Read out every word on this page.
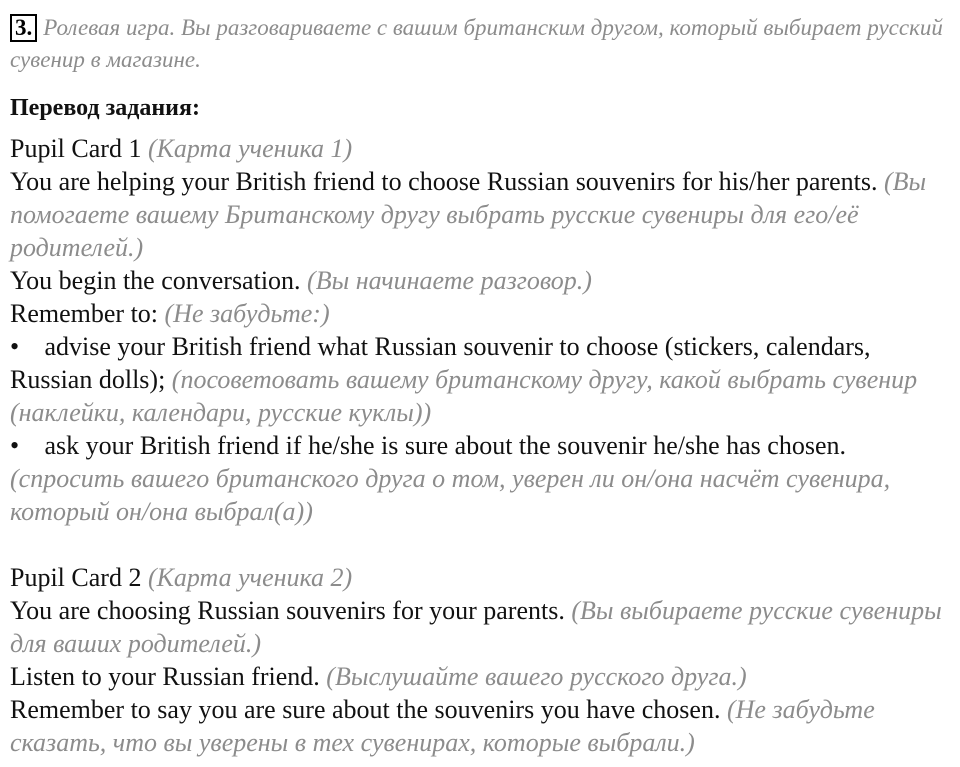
3. Ролевая игра. Вы разговариваете с вашим британским другом, который выбирает русский сувенир в магазине.
Перевод задания:

Pupil Card 1 (Карта ученика 1)

You are helping your British friend to choose Russian souvenirs for his/her parents. (Вы помогаете вашему Британскому другу выбрать русские сувениры для его/её родителей.)

You begin the conversation. (Вы начинаете разговор.)

Remember to: (Не забудьте:)

• advise your British friend what Russian souvenir to choose (stickers, calendars, Russian dolls); (посоветовать вашему британскому другу, какой выбрать сувенир (наклейки, календари, русские куклы))

• ask your British friend if he/she is sure about the souvenir he/she has chosen. (спросить вашего британского друга о том, уверен ли он/она насчёт сувенира, который он/она выбрал(а))

Pupil Card 2 (Карта ученика 2)

You are choosing Russian souvenirs for your parents. (Вы выбираете русские сувениры для ваших родителей.)

Listen to your Russian friend. (Выслушайте вашего русского друга.)

Remember to say you are sure about the souvenirs you have chosen. (Не забудьте сказать, что вы уверены в тех сувенирах, которые выбрали.)
